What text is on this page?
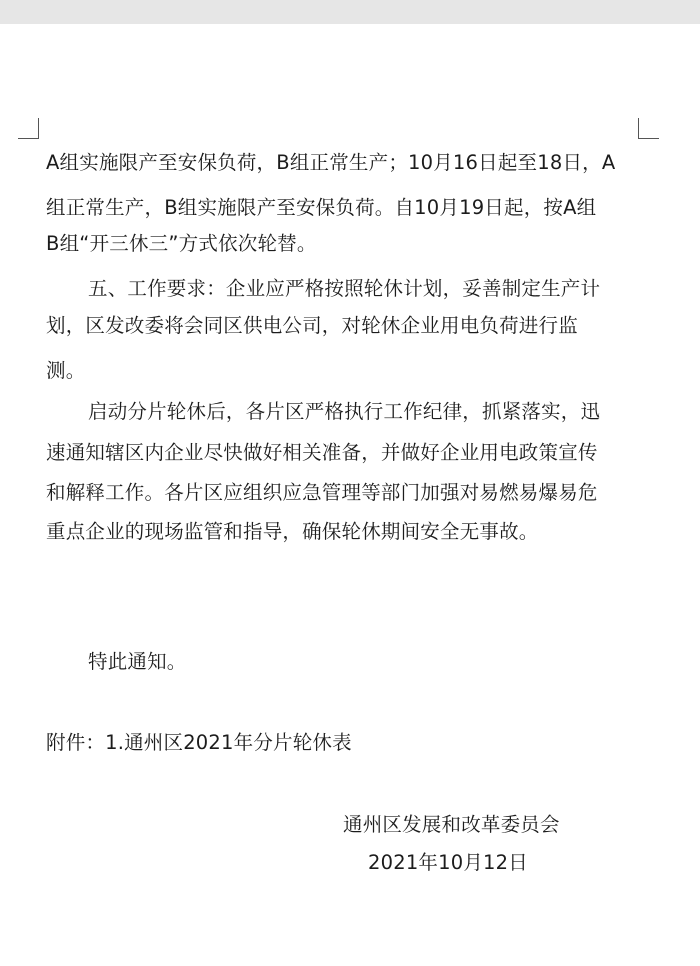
A组实施限产至安保负荷，B组正常生产；10月16日起至18日，A
组正常生产，B组实施限产至安保负荷。自10月19日起，按A组
B组“开三休三”方式依次轮替。
五、工作要求：企业应严格按照轮休计划，妥善制定生产计
划，区发改委将会同区供电公司，对轮休企业用电负荷进行监
测。
启动分片轮休后，各片区严格执行工作纪律，抓紧落实，迅
速通知辖区内企业尽快做好相关准备，并做好企业用电政策宣传
和解释工作。各片区应组织应急管理等部门加强对易燃易爆易危
重点企业的现场监管和指导，确保轮休期间安全无事故。
特此通知。
附件：1.通州区2021年分片轮休表
通州区发展和改革委员会
2021年10月12日
